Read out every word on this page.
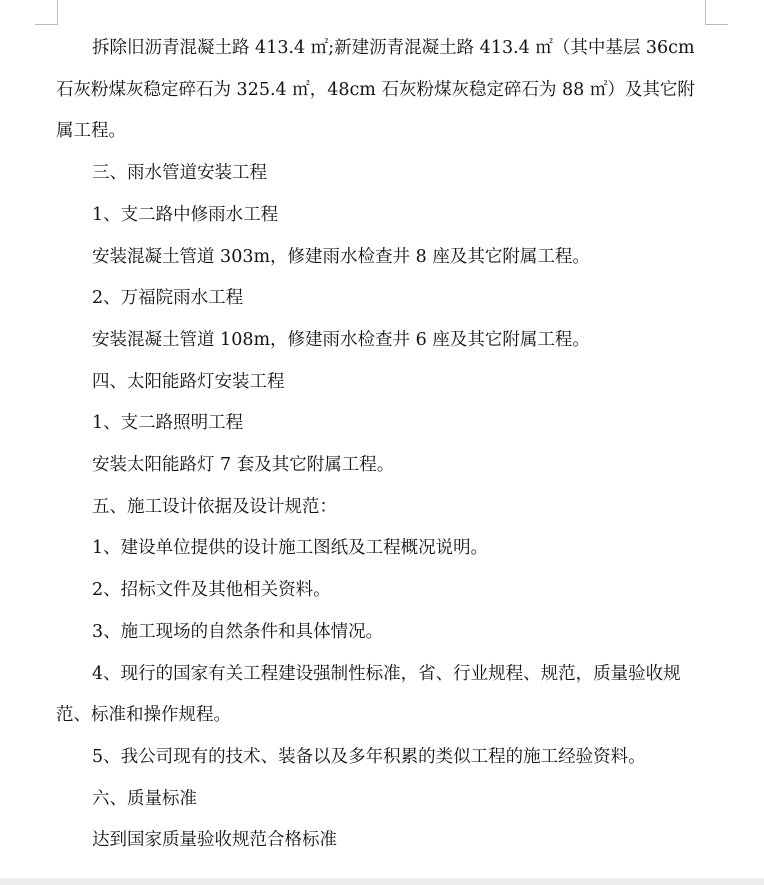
拆除旧沥青混凝土路 413.4 ㎡;新建沥青混凝土路 413.4 ㎡（其中基层 36cm 石灰粉煤灰稳定碎石为 325.4 ㎡，48cm 石灰粉煤灰稳定碎石为 88 ㎡）及其它附属工程。

三、雨水管道安装工程

1、支二路中修雨水工程

安装混凝土管道 303m，修建雨水检查井 8 座及其它附属工程。

2、万福院雨水工程

安装混凝土管道 108m，修建雨水检查井 6 座及其它附属工程。

四、太阳能路灯安装工程

1、支二路照明工程

安装太阳能路灯 7 套及其它附属工程。

五、施工设计依据及设计规范：

1、建设单位提供的设计施工图纸及工程概况说明。

2、招标文件及其他相关资料。

3、施工现场的自然条件和具体情况。

4、现行的国家有关工程建设强制性标准，省、行业规程、规范，质量验收规范、标准和操作规程。

5、我公司现有的技术、装备以及多年积累的类似工程的施工经验资料。

六、质量标准

达到国家质量验收规范合格标准
